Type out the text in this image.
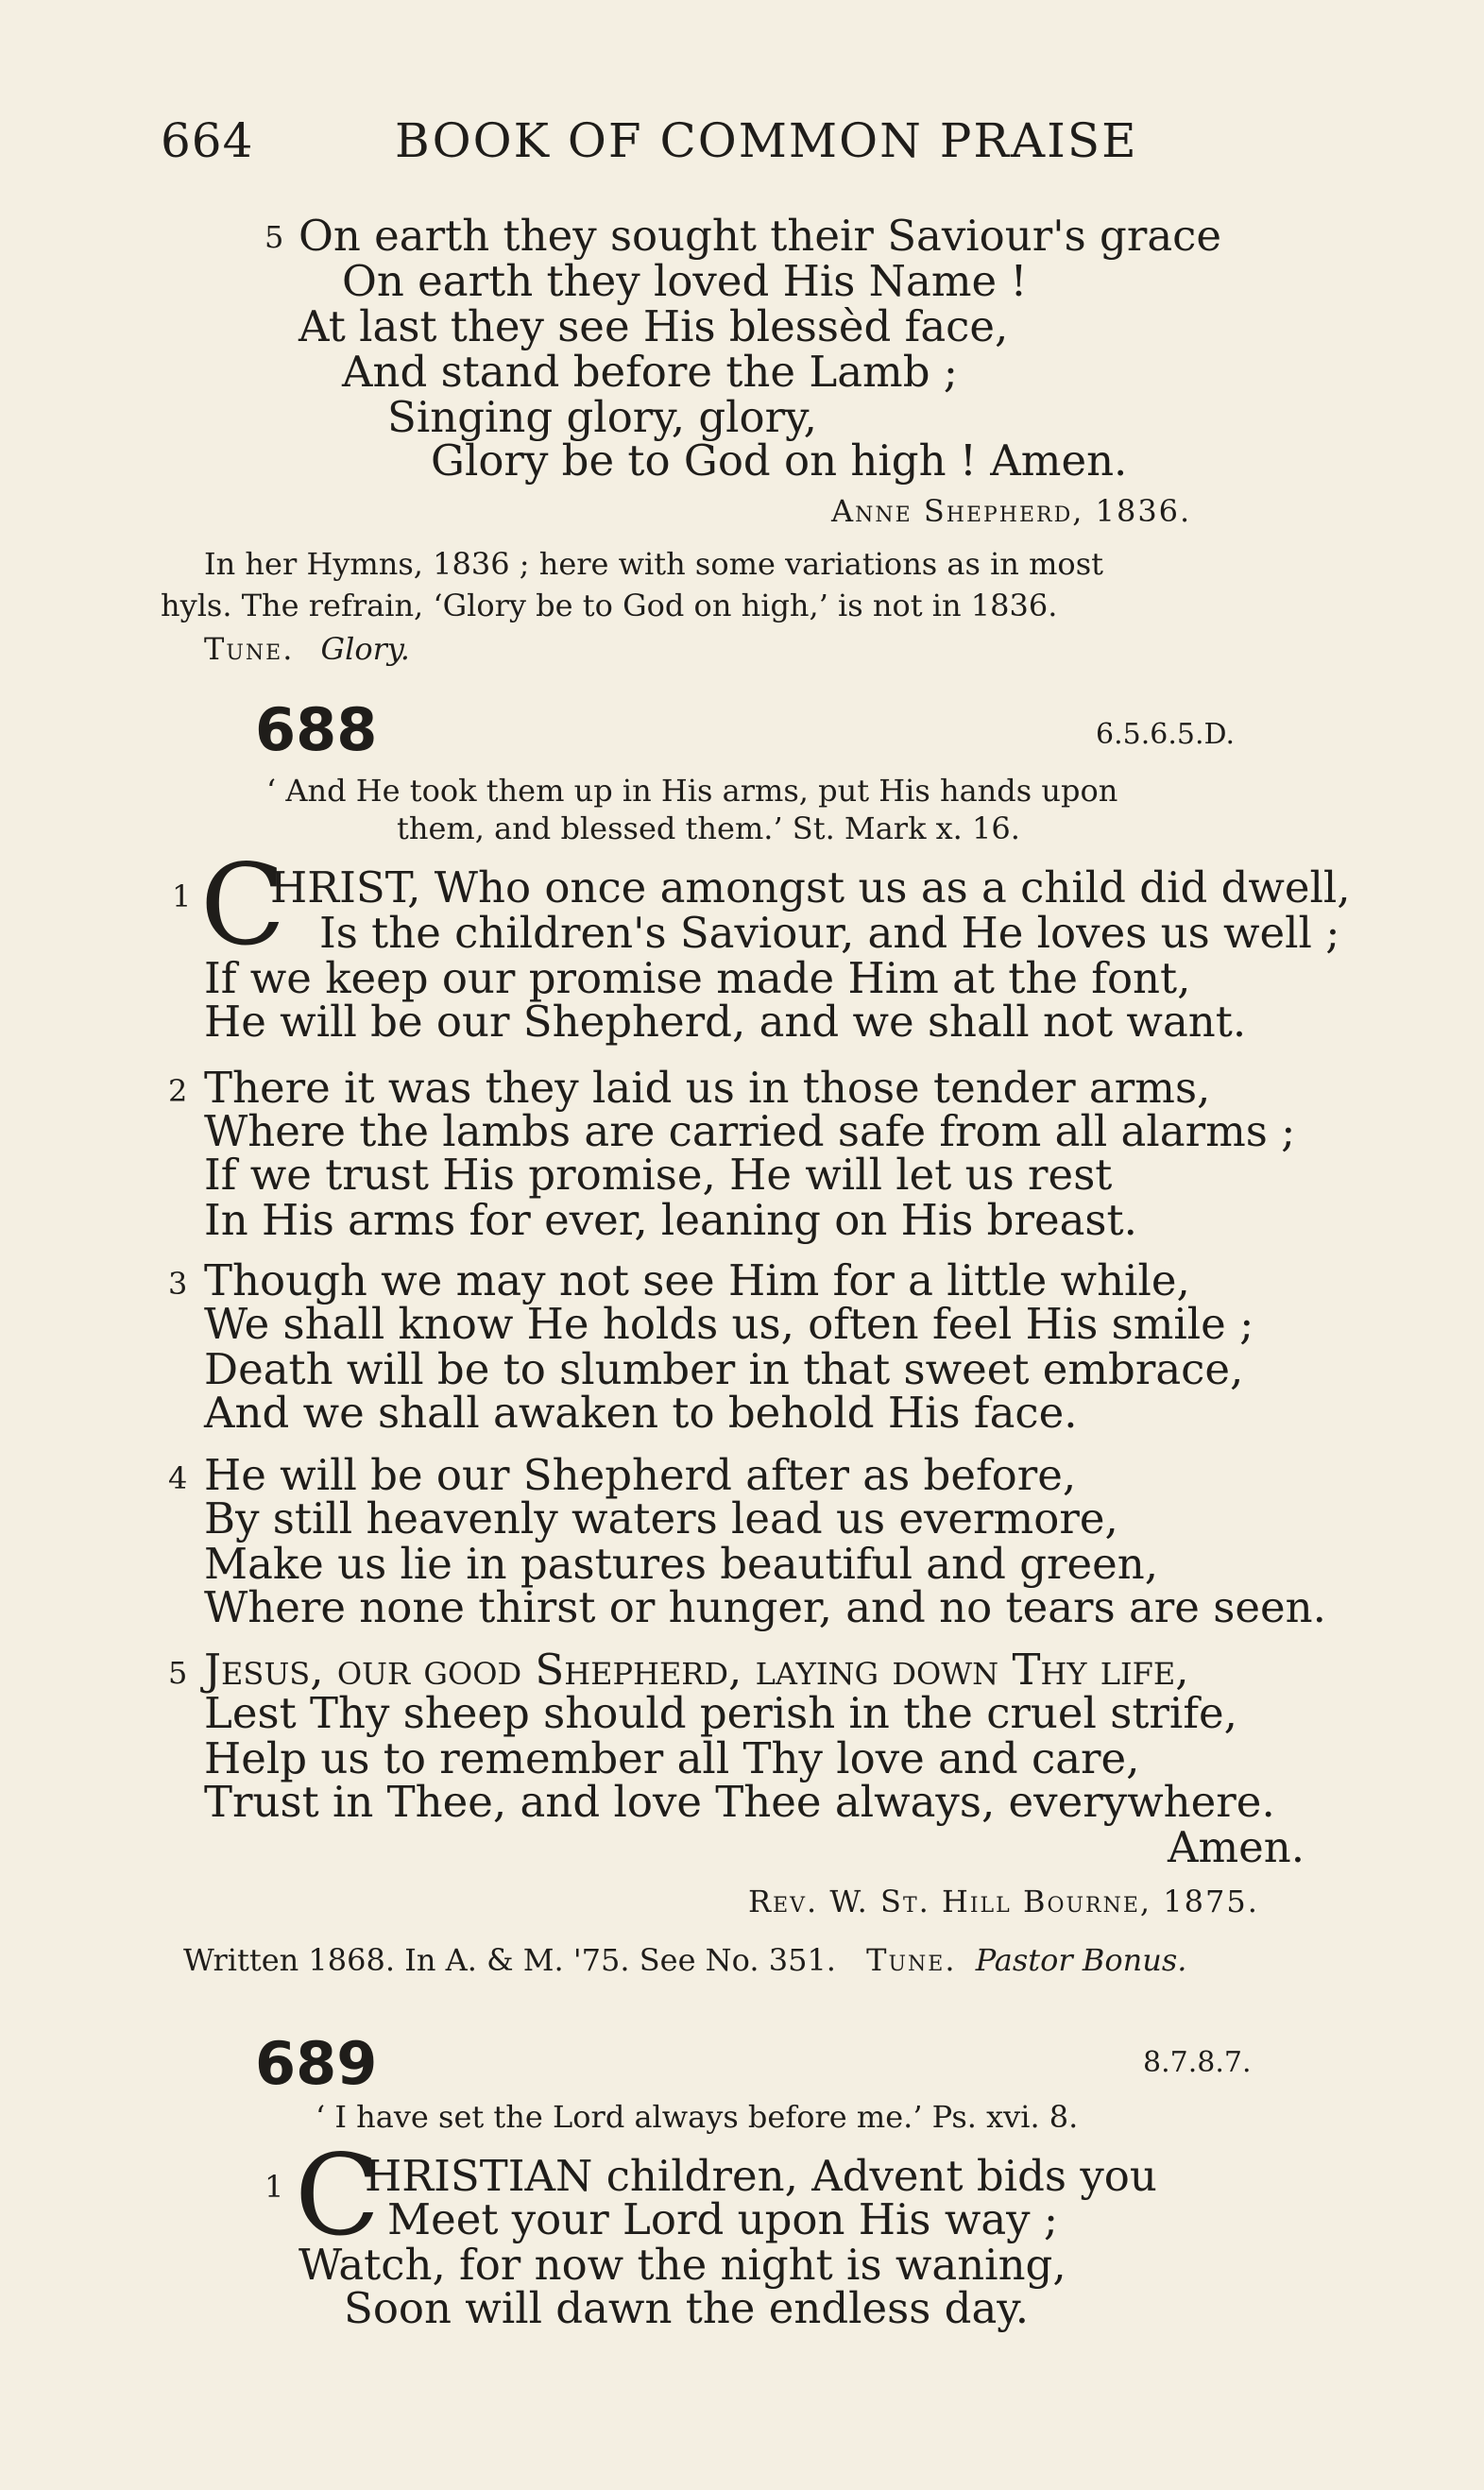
664	BOOK OF COMMON PRAISE
5 On earth they sought their Saviour's grace
On earth they loved His Name !
At last they see His blessèd face,
And stand before the Lamb ;
Singing glory, glory,
Glory be to God on high ! Amen.
Anne Shepherd, 1836.
In her Hymns, 1836 ; here with some variations as in most
hyls. The refrain, ‘Glory be to God on high,’ is not in 1836.
Tune. Glory.
688	6.5.6.5.D.
‘ And He took them up in His arms, put His hands upon
them, and blessed them.’ St. Mark x. 16.
1 C
HRIST, Who once amongst us as a child did dwell,
Is the children's Saviour, and He loves us well ;
If we keep our promise made Him at the font,
He will be our Shepherd, and we shall not want.
2 There it was they laid us in those tender arms,
Where the lambs are carried safe from all alarms ;
If we trust His promise, He will let us rest
In His arms for ever, leaning on His breast.
3 Though we may not see Him for a little while,
We shall know He holds us, often feel His smile ;
Death will be to slumber in that sweet embrace,
And we shall awaken to behold His face.
4 He will be our Shepherd after as before,
By still heavenly waters lead us evermore,
Make us lie in pastures beautiful and green,
Where none thirst or hunger, and no tears are seen.
5 Jesus, our good Shepherd, laying down Thy life,
Lest Thy sheep should perish in the cruel strife,
Help us to remember all Thy love and care,
Trust in Thee, and love Thee always, everywhere.
Amen.
Rev. W. St. Hill Bourne, 1875.
Written 1868. In A. & M. '75. See No. 351. Tune. Pastor Bonus.
689	8.7.8.7.
‘ I have set the Lord always before me.’ Ps. xvi. 8.
1 C
HRISTIAN children, Advent bids you
Meet your Lord upon His way ;
Watch, for now the night is waning,
Soon will dawn the endless day.
